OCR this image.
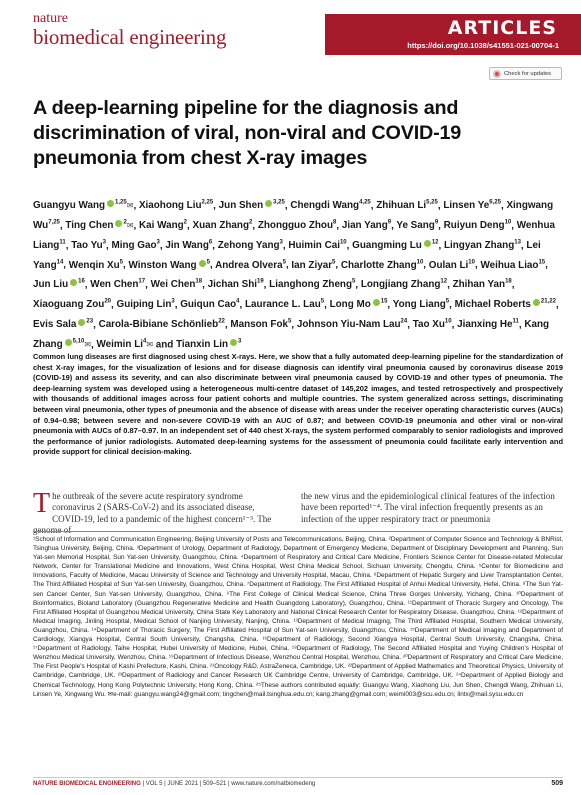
nature
biomedical engineering	ARTICLES
https://doi.org/10.1038/s41551-021-00704-1
Check for updates
A deep-learning pipeline for the diagnosis and discrimination of viral, non-viral and COVID-19 pneumonia from chest X-ray images
Guangyu Wang $^{1,25}$✉, Xiaohong Liu$^{2,25}$, Jun Shen $^{3,25}$, Chengdi Wang$^{4,25}$, Zhihuan Li$^{5,25}$, Linsen Ye$^{6,25}$, Xingwang Wu$^{7,25}$, Ting Chen $^2$✉, Kai Wang$^2$, Xuan Zhang$^2$, Zhongguo Zhou$^8$, Jian Yang$^9$, Ye Sang$^9$, Ruiyun Deng$^{10}$, Wenhua Liang$^{11}$, Tao Yu$^3$, Ming Gao$^3$, Jin Wang$^6$, Zehong Yang$^3$, Huimin Cai$^{10}$, Guangming Lu $^{12}$, Lingyan Zhang$^{13}$, Lei Yang$^{14}$, Wenqin Xu$^5$, Winston Wang $^5$, Andrea Olvera$^5$, Ian Ziyar$^5$, Charlotte Zhang$^{10}$, Oulan Li$^{10}$, Weihua Liao$^{15}$, Jun Liu $^{16}$, Wen Chen$^{17}$, Wei Chen$^{18}$, Jichan Shi$^{19}$, Lianghong Zheng$^5$, Longjiang Zhang$^{12}$, Zhihan Yan$^{18}$, Xiaoguang Zou$^{20}$, Guiping Lin$^3$, Guiqun Cao$^4$, Laurance L. Lau$^5$, Long Mo $^{15}$, Yong Liang$^5$, Michael Roberts $^{21,22}$, Evis Sala $^{23}$, Carola-Bibiane Schönlieb$^{22}$, Manson Fok$^5$, Johnson Yiu-Nam Lau$^{24}$, Tao Xu$^{10}$, Jianxing He$^{11}$, Kang Zhang $^{5,10}$✉, Weimin Li$^4$✉ and Tianxin Lin $^3$

Common lung diseases are first diagnosed using chest X-rays. Here, we show that a fully automated deep-learning pipeline for the standardization of chest X-ray images, for the visualization of lesions and for disease diagnosis can identify viral pneumonia caused by coronavirus disease 2019 (COVID-19) and assess its severity, and can also discriminate between viral pneumonia caused by COVID-19 and other types of pneumonia. The deep-learning system was developed using a heterogeneous multi-centre dataset of 145,202 images, and tested retrospectively and prospectively with thousands of additional images across four patient cohorts and multiple countries. The system generalized across settings, discriminating between viral pneumonia, other types of pneumonia and the absence of disease with areas under the receiver operating characteristic curves (AUCs) of 0.94–0.98; between severe and non-severe COVID-19 with an AUC of 0.87; and between COVID-19 pneumonia and other viral or non-viral pneumonia with AUCs of 0.87–0.97. In an independent set of 440 chest X-rays, the system performed comparably to senior radiologists and improved the performance of junior radiologists. Automated deep-learning systems for the assessment of pneumonia could facilitate early intervention and provide support for clinical decision-making.

The outbreak of the severe acute respiratory syndrome coronavirus 2 (SARS-CoV-2) and its associated disease, COVID-19, led to a pandemic of the highest concern¹⁻³. The genome of
the new virus and the epidemiological clinical features of the infection have been reported¹⁻⁴. The viral infection frequently presents as an infection of the upper respiratory tract or pneumonia

¹School of Information and Communication Engineering, Beijing University of Posts and Telecommunications, Beijing, China. ²Department of Computer Science and Technology & BNRist, Tsinghua University, Beijing, China. ³Department of Urology, Department of Radiology, Department of Emergency Medicine, Department of Disciplinary Development and Planning, Sun Yat-sen Memorial Hospital, Sun Yat-sen University, Guangzhou, China. ⁴Department of Respiratory and Critical Care Medicine, Frontiers Science Center for Disease-related Molecular Network, Center for Translational Medicine and Innovations, West China Hospital, West China Medical School, Sichuan University, Chengdu, China. ⁵Center for Biomedicine and Innovations, Faculty of Medicine, Macau University of Science and Technology and University Hospital, Macau, China. ⁶Department of Hepatic Surgery and Liver Transplantation Center, The Third Affiliated Hospital of Sun Yat-sen University, Guangzhou, China. ⁷Department of Radiology, The First Affiliated Hospital of Anhui Medical University, Hefei, China. ⁸The Sun Yat-sen Cancer Center, Sun Yat-sen University, Guangzhou, China. ⁹The First College of Clinical Medical Science, China Three Gorges University, Yichang, China. ¹⁰Department of Bioinformatics, Bioland Laboratory (Guangzhou Regenerative Medicine and Health Guangdong Laboratory), Guangzhou, China. ¹¹Department of Thoracic Surgery and Oncology, The First Affiliated Hospital of Guangzhou Medical University, China State Key Laboratory and National Clinical Research Center for Respiratory Disease, Guangzhou, China. ¹²Department of Medical Imaging, Jinling Hospital, Medical School of Nanjing University, Nanjing, China. ¹³Department of Medical Imaging, The Third Affiliated Hospital, Southern Medical University, Guangzhou, China. ¹⁴Department of Thoracic Surgery, The First Affiliated Hospital of Sun Yat-sen University, Guangzhou, China. ¹⁵Department of Medical Imaging and Department of Cardiology, Xiangya Hospital, Central South University, Changsha, China. ¹⁶Department of Radiology, Second Xiangya Hospital, Central South University, Changsha, China. ¹⁷Department of Radiology, Taihe Hospital, Hubei University of Medicine, Hubei, China. ¹⁸Department of Radiology, The Second Affiliated Hospital and Yuying Children's Hospital of Wenzhou Medical University, Wenzhou, China. ¹⁹Department of Infectious Disease, Wenzhou Central Hospital, Wenzhou, China. ²⁰Department of Respiratory and Critical Care Medicine, The First People's Hospital of Kashi Prefecture, Kashi, China. ²¹Oncology R&D, AstraZeneca, Cambridge, UK. ²²Department of Applied Mathematics and Theoretical Physics, University of Cambridge, Cambridge, UK. ²³Department of Radiology and Cancer Research UK Cambridge Centre, University of Cambridge, Cambridge, UK. ²⁴Department of Applied Biology and Chemical Technology, Hong Kong Polytechnic University, Hong Kong, China. ²⁵These authors contributed equally: Guangyu Wang, Xiaohong Liu, Jun Shen, Chengdi Wang, Zhihuan Li, Linsen Ye, Xingwang Wu. ✉e-mail: guangyu.wang24@gmail.com; tingchen@mail.tsinghua.edu.cn; kang.zhang@gmail.com; weimi003@scu.edu.cn; lintx@mail.sysu.edu.cn

NATURE BIOMEDICAL ENGINEERING | VOL 5 | JUNE 2021 | 509–521 | www.nature.com/natbiomedeng	509
